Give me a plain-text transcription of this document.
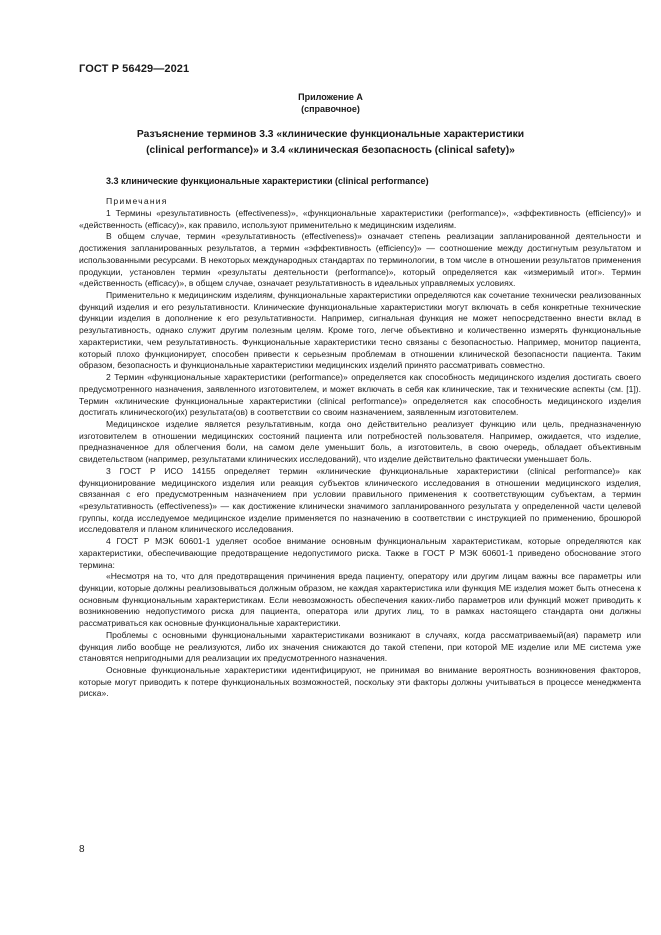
ГОСТ Р 56429—2021
Приложение А
(справочное)
Разъяснение терминов 3.3 «клинические функциональные характеристики
(clinical performance)» и 3.4 «клиническая безопасность (clinical safety)»
3.3 клинические функциональные характеристики (clinical performance)
Примечания

1 Термины «результативность (effectiveness)», «функциональные характеристики (performance)», «эффективность (efficiency)» и «действенность (efficacy)», как правило, используют применительно к медицинским изделиям.

В общем случае, термин «результативность (effectiveness)» означает степень реализации запланированной деятельности и достижения запланированных результатов, а термин «эффективность (efficiency)» — соотношение между достигнутым результатом и использованными ресурсами. В некоторых международных стандартах по терминологии, в том числе в отношении результатов применения продукции, установлен термин «результаты деятельности (performance)», который определяется как «измеримый итог». Термин «действенность (efficacy)», в общем случае, означает результативность в идеальных управляемых условиях.

Применительно к медицинским изделиям, функциональные характеристики определяются как сочетание технически реализованных функций изделия и его результативности. Клинические функциональные характеристики могут включать в себя конкретные технические функции изделия в дополнение к его результативности. Например, сигнальная функция не может непосредственно внести вклад в результативность, однако служит другим полезным целям. Кроме того, легче объективно и количественно измерять функциональные характеристики, чем результативность. Функциональные характеристики тесно связаны с безопасностью. Например, монитор пациента, который плохо функционирует, способен привести к серьезным проблемам в отношении клинической безопасности пациента. Таким образом, безопасность и функциональные характеристики медицинских изделий принято рассматривать совместно.

2 Термин «функциональные характеристики (performance)» определяется как способность медицинского изделия достигать своего предусмотренного назначения, заявленного изготовителем, и может включать в себя как клинические, так и технические аспекты (см. [1]). Термин «клинические функциональные характеристики (clinical performance)» определяется как способность медицинского изделия достигать клинического(их) результата(ов) в соответствии со своим назначением, заявленным изготовителем.

Медицинское изделие является результативным, когда оно действительно реализует функцию или цель, предназначенную изготовителем в отношении медицинских состояний пациента или потребностей пользователя. Например, ожидается, что изделие, предназначенное для облегчения боли, на самом деле уменьшит боль, а изготовитель, в свою очередь, обладает объективным свидетельством (например, результатами клинических исследований), что изделие действительно фактически уменьшает боль.

3 ГОСТ Р ИСО 14155 определяет термин «клинические функциональные характеристики (clinical performance)» как функционирование медицинского изделия или реакция субъектов клинического исследования в отношении медицинского изделия, связанная с его предусмотренным назначением при условии правильного применения к соответствующим субъектам, а термин «результативность (effectiveness)» — как достижение клинически значимого запланированного результата у определенной части целевой группы, когда исследуемое медицинское изделие применяется по назначению в соответствии с инструкцией по применению, брошюрой исследователя и планом клинического исследования.

4 ГОСТ Р МЭК 60601-1 уделяет особое внимание основным функциональным характеристикам, которые определяются как характеристики, обеспечивающие предотвращение недопустимого риска. Также в ГОСТ Р МЭК 60601-1 приведено обоснование этого термина:

«Несмотря на то, что для предотвращения причинения вреда пациенту, оператору или другим лицам важны все параметры или функции, которые должны реализовываться должным образом, не каждая характеристика или функция МЕ изделия может быть отнесена к основным функциональным характеристикам. Если невозможность обеспечения каких-либо параметров или функций может приводить к возникновению недопустимого риска для пациента, оператора или других лиц, то в рамках настоящего стандарта они должны рассматриваться как основные функциональные характеристики.

Проблемы с основными функциональными характеристиками возникают в случаях, когда рассматриваемый(ая) параметр или функция либо вообще не реализуются, либо их значения снижаются до такой степени, при которой МЕ изделие или МЕ система уже становятся непригодными для реализации их предусмотренного назначения.

Основные функциональные характеристики идентифицируют, не принимая во внимание вероятность возникновения факторов, которые могут приводить к потере функциональных возможностей, поскольку эти факторы должны учитываться в процессе менеджмента риска».

8
